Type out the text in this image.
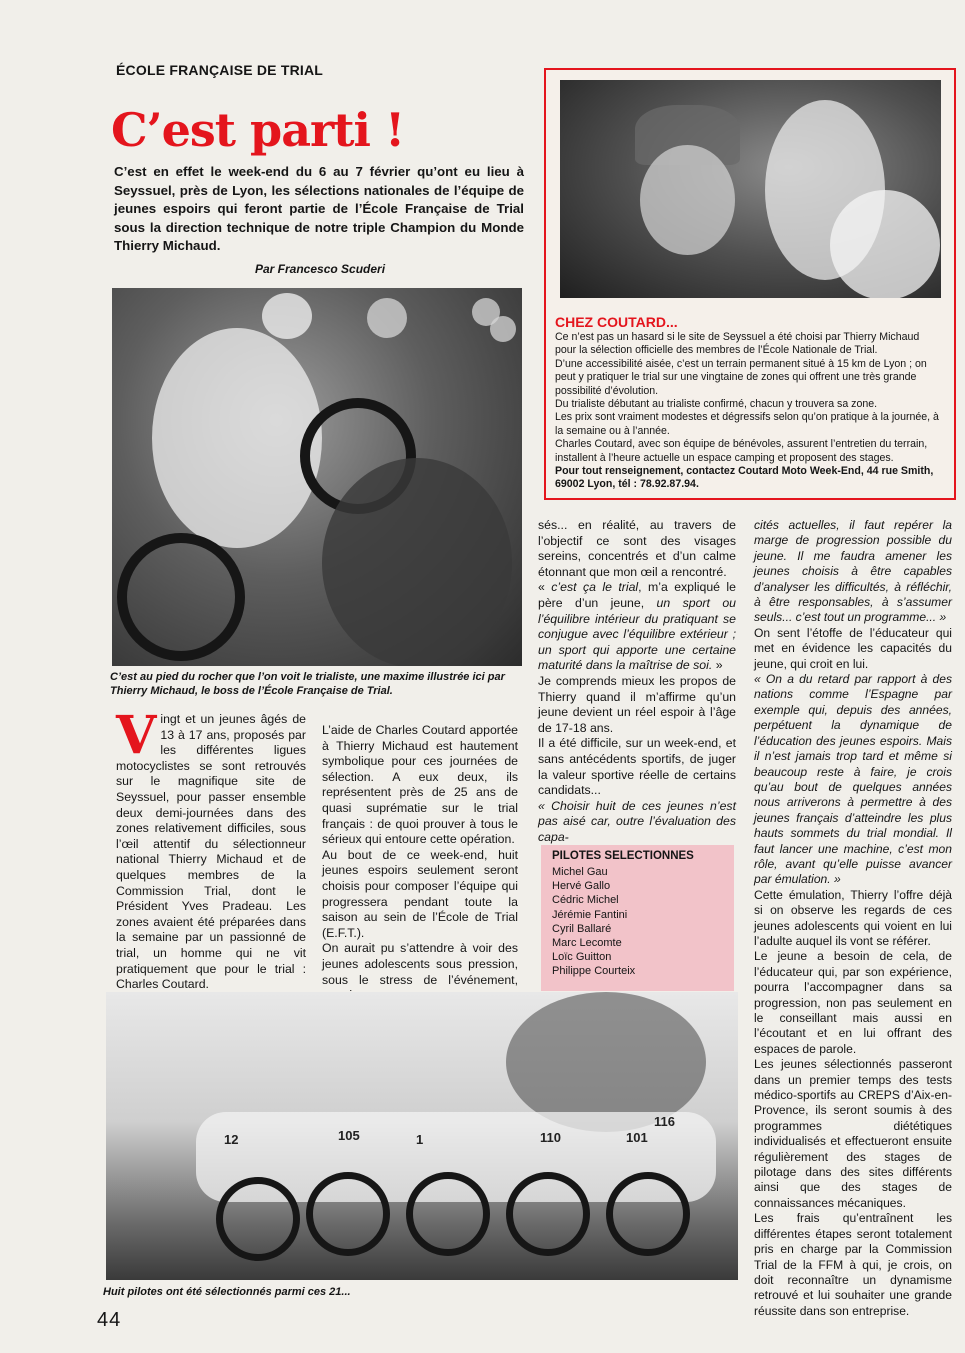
ÉCOLE FRANÇAISE DE TRIAL
C’est parti !
C’est en effet le week-end du 6 au 7 février qu’ont eu lieu à Seyssuel, près de Lyon, les sélections nationales de l’équipe de jeunes espoirs qui feront partie de l’École Française de Trial sous la direction technique de notre triple Champion du Monde Thierry Michaud.
Par Francesco Scuderi
C’est au pied du rocher que l’on voit le trialiste, une maxime illustrée ici par Thierry Michaud, le boss de l’École Française de Trial.
CHEZ COUTARD...

Ce n’est pas un hasard si le site de Seyssuel a été choisi par Thierry Michaud pour la sélection officielle des membres de l’École Nationale de Trial.

D’une accessibilité aisée, c’est un terrain permanent situé à 15 km de Lyon ; on peut y pratiquer le trial sur une vingtaine de zones qui offrent une très grande possibilité d’évolution.

Du trialiste débutant au trialiste confirmé, chacun y trouvera sa zone.

Les prix sont vraiment modestes et dégressifs selon qu’on pratique à la journée, à la semaine ou à l’année.

Charles Coutard, avec son équipe de bénévoles, assurent l’entretien du terrain, installent à l’heure actuelle un espace camping et proposent des stages.

Pour tout renseignement, contactez Coutard Moto Week-End, 44 rue Smith, 69002 Lyon, tél : 78.92.87.94.

V ingt et un jeunes âgés de 13 à 17 ans, proposés par les différentes ligues motocyclistes se sont retrouvés sur le magnifique site de Seyssuel, pour passer ensemble deux demi-journées dans des zones relativement difficiles, sous l’œil attentif du sélectionneur national Thierry Michaud et de quelques membres de la Commission Trial, dont le Président Yves Pradeau. Les zones avaient été préparées dans la semaine par un passionné de trial, un homme qui ne vit pratiquement que pour le trial : Charles Coutard.

L’aide de Charles Coutard apportée à Thierry Michaud est hautement symbolique pour ces journées de sélection. A eux deux, ils représentent près de 25 ans de quasi suprématie sur le trial français : de quoi prouver à tous le sérieux qui entoure cette opération.

Au bout de ce week-end, huit jeunes espoirs seulement seront choisis pour composer l’équipe qui progressera pendant toute la saison au sein de l’École de Trial (E.F.T.).

On aurait pu s’attendre à voir des jeunes adolescents sous pression, sous le stress de l’événement,

sés... en réalité, au travers de l’objectif ce sont des visages sereins, concentrés et d’un calme étonnant que mon œil a rencontré.

« c’est ça le trial, m’a expliqué le père d’un jeune, un sport ou l’équilibre intérieur du pratiquant se conjugue avec l’équilibre extérieur ; un sport qui apporte une certaine maturité dans la maîtrise de soi. »

Je comprends mieux les propos de Thierry quand il m’affirme qu’un jeune devient un réel espoir à l’âge de 17-18 ans.

Il a été difficile, sur un week-end, et sans antécédents sportifs, de juger la valeur sportive réelle de certains candidats...

« Choisir huit de ces jeunes n’est pas aisé car, outre l’évaluation des capa-

PILOTES SELECTIONNES
Michel Gau
Hervé Gallo
Cédric Michel
Jérémie Fantini
Cyril Ballaré
Marc Lecomte
Loïc Guitton
Philippe Courteix

cités actuelles, il faut repérer la marge de progression possible du jeune. Il me faudra amener les jeunes choisis à être capables d’analyser les difficultés, à réfléchir, à être responsables, à s’assumer seuls... c’est tout un programme... »

On sent l’étoffe de l’éducateur qui met en évidence les capacités du jeune, qui croit en lui.

« On a du retard par rapport à des nations comme l’Espagne par exemple qui, depuis des années, perpétuent la dynamique de l’éducation des jeunes espoirs. Mais il n’est jamais trop tard et même si beaucoup reste à faire, je crois qu’au bout de quelques années nous arriverons à permettre à des jeunes français d’atteindre les plus hauts sommets du trial mondial. Il faut lancer une machine, c’est mon rôle, avant qu’elle puisse avancer par émulation. »

Cette émulation, Thierry l’offre déjà si on observe les regards de ces jeunes adolescents qui voient en lui l’adulte auquel ils vont se référer.

Le jeune a besoin de cela, de l’éducateur qui, par son expérience, pourra l’accompagner dans sa progression, non pas seulement en le conseillant mais aussi en l’écoutant et en lui offrant des espaces de parole.

Les jeunes sélectionnés passeront dans un premier temps des tests médico-sportifs au CREPS d’Aix-en-Provence, ils seront soumis à des programmes diététiques individualisés et effectueront ensuite régulièrement des stages de pilotage dans des sites différents ainsi que des stages de connaissances mécaniques.

Les frais qu’entraînent les différentes étapes seront totalement pris en charge par la Commission Trial de la FFM à qui, je crois, on doit reconnaître un dynamisme retrouvé et lui souhaiter une grande réussite dans son entreprise.

12	105	1	110	101
116
Huit pilotes ont été sélectionnés parmi ces 21...
44
